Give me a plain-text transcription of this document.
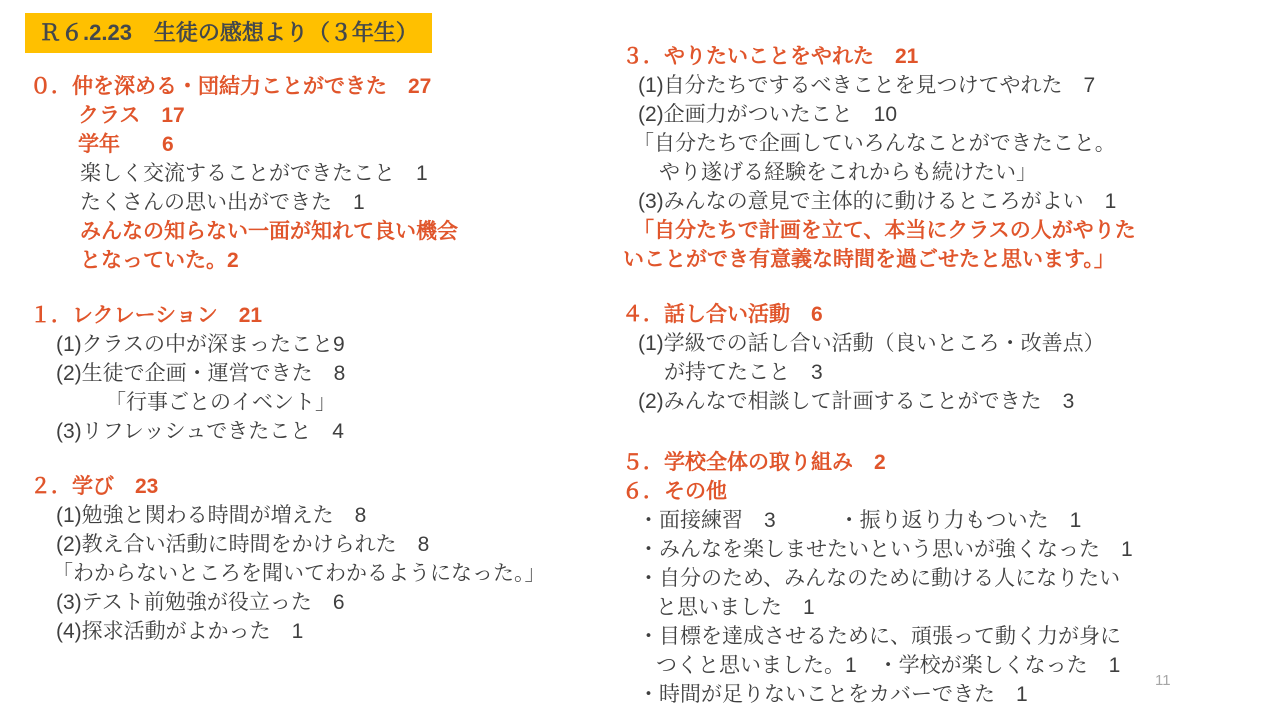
Ｒ６.2.23　生徒の感想より（３年生）
０．仲を深める・団結力ことができた　27
クラス　17
学年　　6
楽しく交流することができたこと　1
たくさんの思い出ができた　1
みんなの知らない一面が知れて良い機会
となっていた。2
１．レクレーション　21
(1)クラスの中が深まったこと9
(2)生徒で企画・運営できた　8
「行事ごとのイベント」
(3)リフレッシュできたこと　4
２．学び　23
(1)勉強と関わる時間が増えた　8
(2)教え合い活動に時間をかけられた　8
「わからないところを聞いてわかるようになった。」
(3)テスト前勉強が役立った　6
(4)探求活動がよかった　1
３．やりたいことをやれた　21
(1)自分たちでするべきことを見つけてやれた　7
(2)企画力がついたこと　10
「自分たちで企画していろんなことができたこと。
やり遂げる経験をこれからも続けたい」
(3)みんなの意見で主体的に動けるところがよい　1
「自分たちで計画を立て、本当にクラスの人がやりた
いことができ有意義な時間を過ごせたと思います。」
４．話し合い活動　6
(1)学級での話し合い活動（良いところ・改善点）
が持てたこと　3
(2)みんなで相談して計画することができた　3
５．学校全体の取り組み　2
６．その他
・面接練習　3　　　・振り返り力もついた　1
・みんなを楽しませたいという思いが強くなった　1
・自分のため、みんなのために動ける人になりたい
と思いました　1
・目標を達成させるために、頑張って動く力が身に
つくと思いました。1　・学校が楽しくなった　1
・時間が足りないことをカバーできた　1
11
